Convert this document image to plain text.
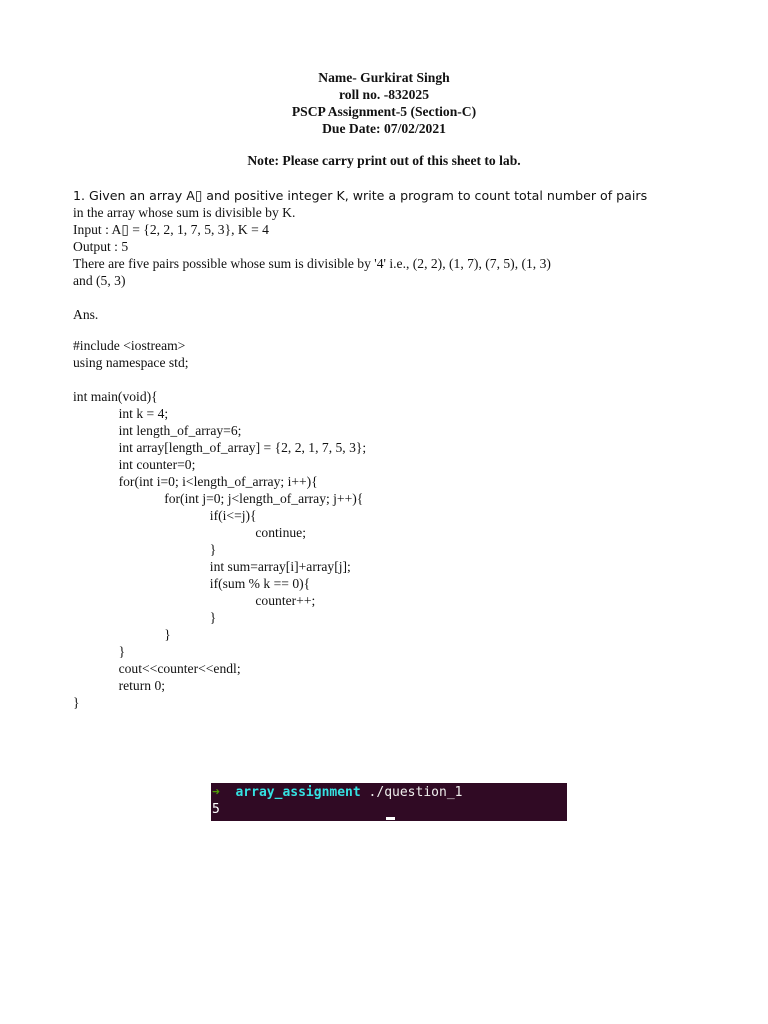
Name- Gurkirat Singh
roll no. -832025
PSCP Assignment-5 (Section-C)
Due Date: 07/02/2021
Note: Please carry print out of this sheet to lab.
1. Given an array A▯ and positive integer K, write a program to count total number of pairs
in the array whose sum is divisible by K.
Input : A▯ = {2, 2, 1, 7, 5, 3}, K = 4
Output : 5
There are five pairs possible whose sum is divisible by '4' i.e., (2, 2), (1, 7), (7, 5), (1, 3)
and (5, 3)
Ans.
#include <iostream>
using namespace std;
int main(void){
int k = 4;
int length_of_array=6;
int array[length_of_array] = {2, 2, 1, 7, 5, 3};
int counter=0;
for(int i=0; i<length_of_array; i++){
for(int j=0; j<length_of_array; j++){
if(i<=j){
continue;
}
int sum=array[i]+array[j];
if(sum % k == 0){
counter++;
}
}
}
cout<<counter<<endl;
return 0;
}
➜ array_assignment ./question_1
5
